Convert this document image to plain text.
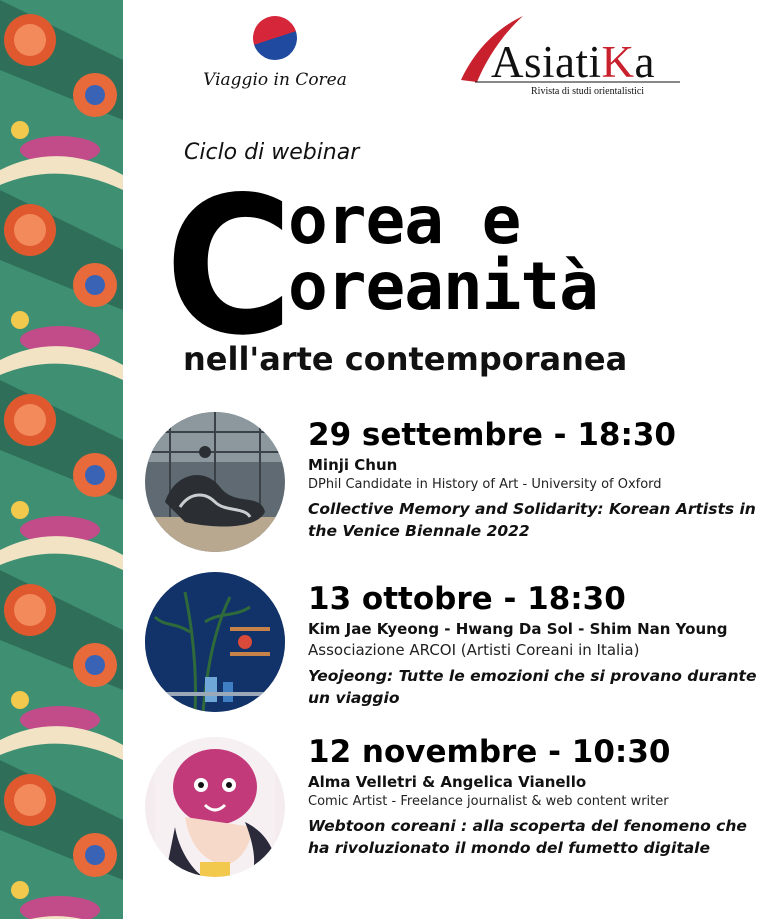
Viaggio in Corea	AsiatiKa
Rivista di studi orientalistici
Ciclo di webinar
C
orea e
oreanità
nell'arte contemporanea
29 settembre - 18:30
Minji Chun
DPhil Candidate in History of Art - University of Oxford
Collective Memory and Solidarity: Korean Artists in the Venice Biennale 2022
13 ottobre - 18:30
Kim Jae Kyeong - Hwang Da Sol - Shim Nan Young
Associazione ARCOI (Artisti Coreani in Italia)
Yeojeong: Tutte le emozioni che si provano durante un viaggio
12 novembre - 10:30
Alma Velletri & Angelica Vianello
Comic Artist - Freelance journalist & web content writer
Webtoon coreani : alla scoperta del fenomeno che ha rivoluzionato il mondo del fumetto digitale
